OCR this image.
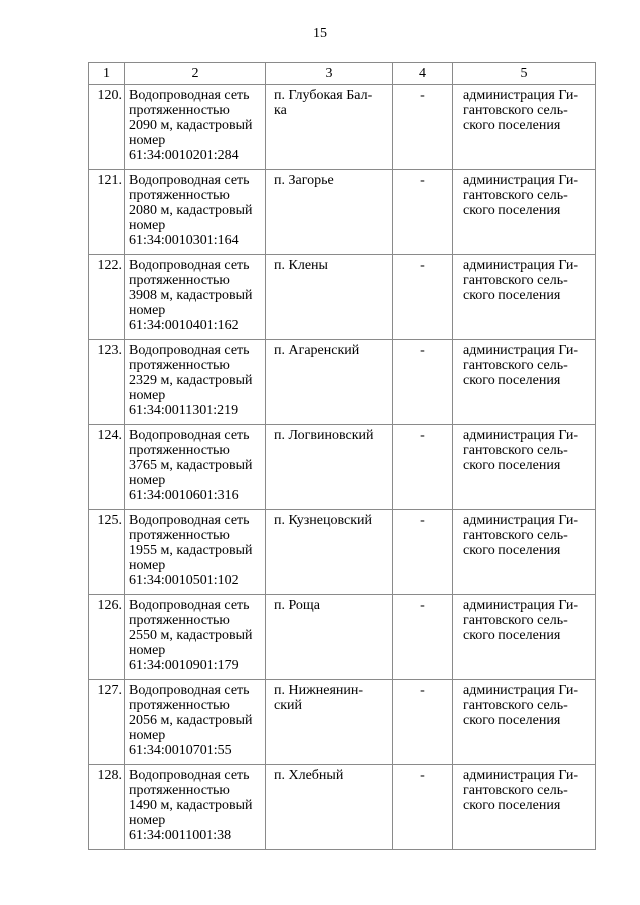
15
1	2	3	4	5
120.	Водопроводная сеть
протяженностью
2090 м, кадастровый
номер
61:34:0010201:284	п. Глубокая Бал-
ка	-	администрация Ги-
гантовского сель-
ского поселения

121.	Водопроводная сеть
протяженностью
2080 м, кадастровый
номер
61:34:0010301:164	п. Загорье	-	администрация Ги-
гантовского сель-
ского поселения

122.	Водопроводная сеть
протяженностью
3908 м, кадастровый
номер
61:34:0010401:162	п. Клены	-	администрация Ги-
гантовского сель-
ского поселения

123.	Водопроводная сеть
протяженностью
2329 м, кадастровый
номер
61:34:0011301:219	п. Агаренский	-	администрация Ги-
гантовского сель-
ского поселения

124.	Водопроводная сеть
протяженностью
3765 м, кадастровый
номер
61:34:0010601:316	п. Логвиновский	-	администрация Ги-
гантовского сель-
ского поселения

125.	Водопроводная сеть
протяженностью
1955 м, кадастровый
номер
61:34:0010501:102	п. Кузнецовский	-	администрация Ги-
гантовского сель-
ского поселения

126.	Водопроводная сеть
протяженностью
2550 м, кадастровый
номер
61:34:0010901:179	п. Роща	-	администрация Ги-
гантовского сель-
ского поселения

127.	Водопроводная сеть
протяженностью
2056 м, кадастровый
номер
61:34:0010701:55	п. Нижнеянин-
ский	-	администрация Ги-
гантовского сель-
ского поселения

128.	Водопроводная сеть
протяженностью
1490 м, кадастровый
номер
61:34:0011001:38	п. Хлебный	-	администрация Ги-
гантовского сель-
ского поселения
